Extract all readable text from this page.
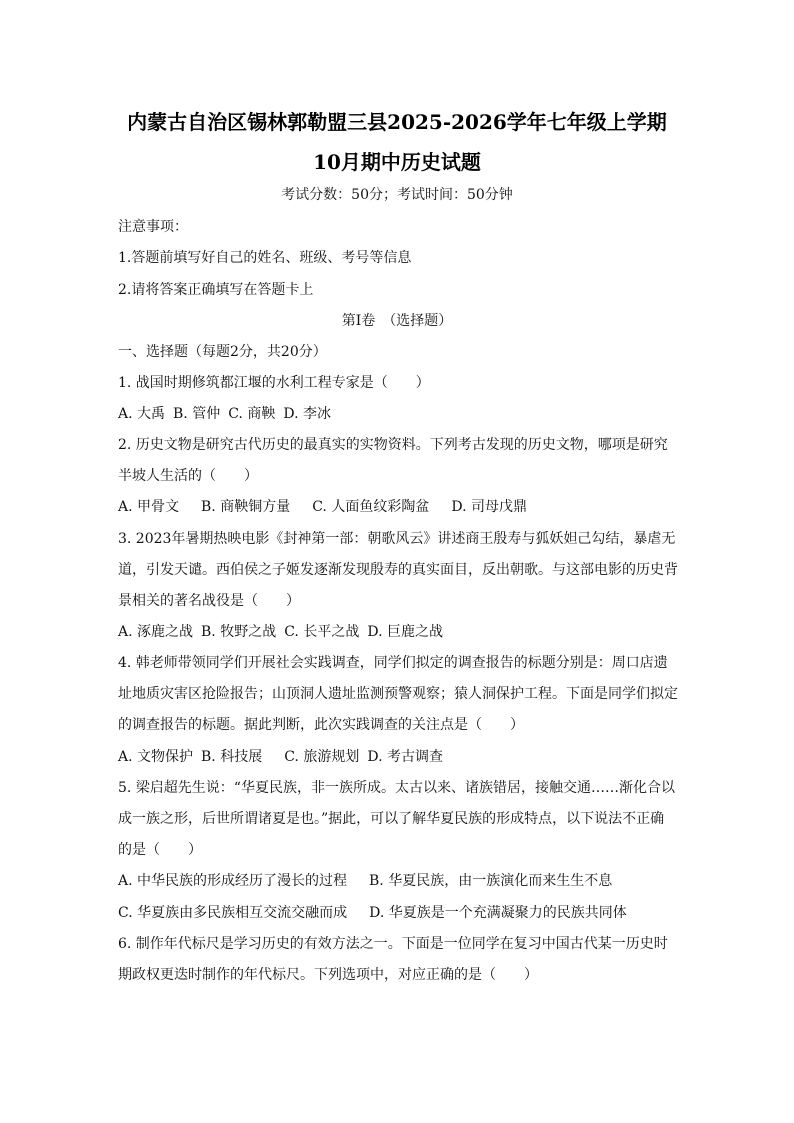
内蒙古自治区锡林郭勒盟三县2025-2026学年七年级上学期
10月期中历史试题
考试分数：50分；考试时间：50分钟
注意事项：
1.答题前填写好自己的姓名、班级、考号等信息
2.请将答案正确填写在答题卡上
第Ⅰ卷　（选择题）
一、选择题（每题2分，共20分）
1. 战国时期修筑都江堰的水利工程专家是（　　）
A. 大禹 B. 管仲 C. 商鞅 D. 李冰
2. 历史文物是研究古代历史的最真实的实物资料。下列考古发现的历史文物，哪项是研究
半坡人生活的（　　）
A. 甲骨文 B. 商鞅铜方量 C. 人面鱼纹彩陶盆 D. 司母戊鼎
3. 2023年暑期热映电影《封神第一部：朝歌风云》讲述商王殷寿与狐妖妲己勾结，暴虐无
道，引发天谴。西伯侯之子姬发逐渐发现殷寿的真实面目，反出朝歌。与这部电影的历史背
景相关的著名战役是（　　）
A. 涿鹿之战 B. 牧野之战 C. 长平之战 D. 巨鹿之战
4. 韩老师带领同学们开展社会实践调查，同学们拟定的调查报告的标题分别是：周口店遗
址地质灾害区抢险报告；山顶洞人遗址监测预警观察；猿人洞保护工程。下面是同学们拟定
的调查报告的标题。据此判断，此次实践调查的关注点是（　　）
A. 文物保护 B. 科技展 C. 旅游规划 D. 考古调查
5. 梁启超先生说：“华夏民族，非一族所成。太古以来、诸族错居，接触交通……渐化合以
成一族之形，后世所谓诸夏是也。”据此，可以了解华夏民族的形成特点，以下说法不正确
的是（　　）
A. 中华民族的形成经历了漫长的过程 B. 华夏民族，由一族演化而来生生不息
C. 华夏族由多民族相互交流交融而成 D. 华夏族是一个充满凝聚力的民族共同体
6. 制作年代标尺是学习历史的有效方法之一。下面是一位同学在复习中国古代某一历史时
期政权更迭时制作的年代标尺。下列选项中，对应正确的是（　　）
